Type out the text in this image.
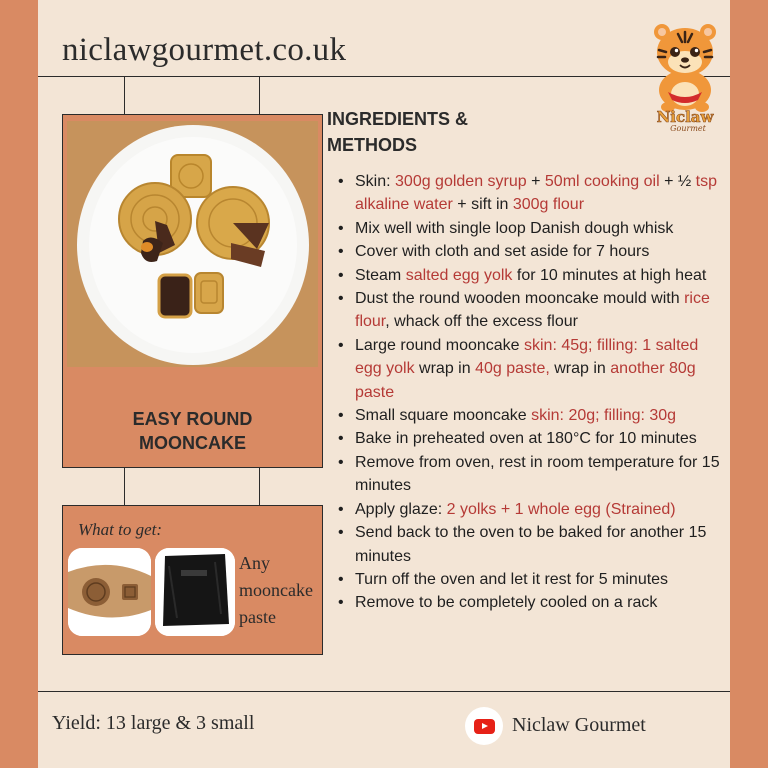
niclawgourmet.co.uk
Niclaw
Gourmet
EASY ROUND
MOONCAKE
What to get:
Any
mooncake
paste
INGREDIENTS &
METHODS
• Skin: 300g golden syrup + 50ml cooking oil + ½ tsp alkaline water + sift in 300g flour
• Mix well with single loop Danish dough whisk
• Cover with cloth and set aside for 7 hours
• Steam salted egg yolk for 10 minutes at high heat
• Dust the round wooden mooncake mould with rice flour, whack off the excess flour
• Large round mooncake skin: 45g; filling: 1 salted egg yolk wrap in 40g paste, wrap in another 80g paste
• Small square mooncake skin: 20g; filling: 30g
• Bake in preheated oven at 180°C for 10 minutes
• Remove from oven, rest in room temperature for 15 minutes
• Apply glaze: 2 yolks + 1 whole egg (Strained)
• Send back to the oven to be baked for another 15 minutes
• Turn off the oven and let it rest for 5 minutes
• Remove to be completely cooled on a rack
Yield: 13 large & 3 small	Niclaw Gourmet
